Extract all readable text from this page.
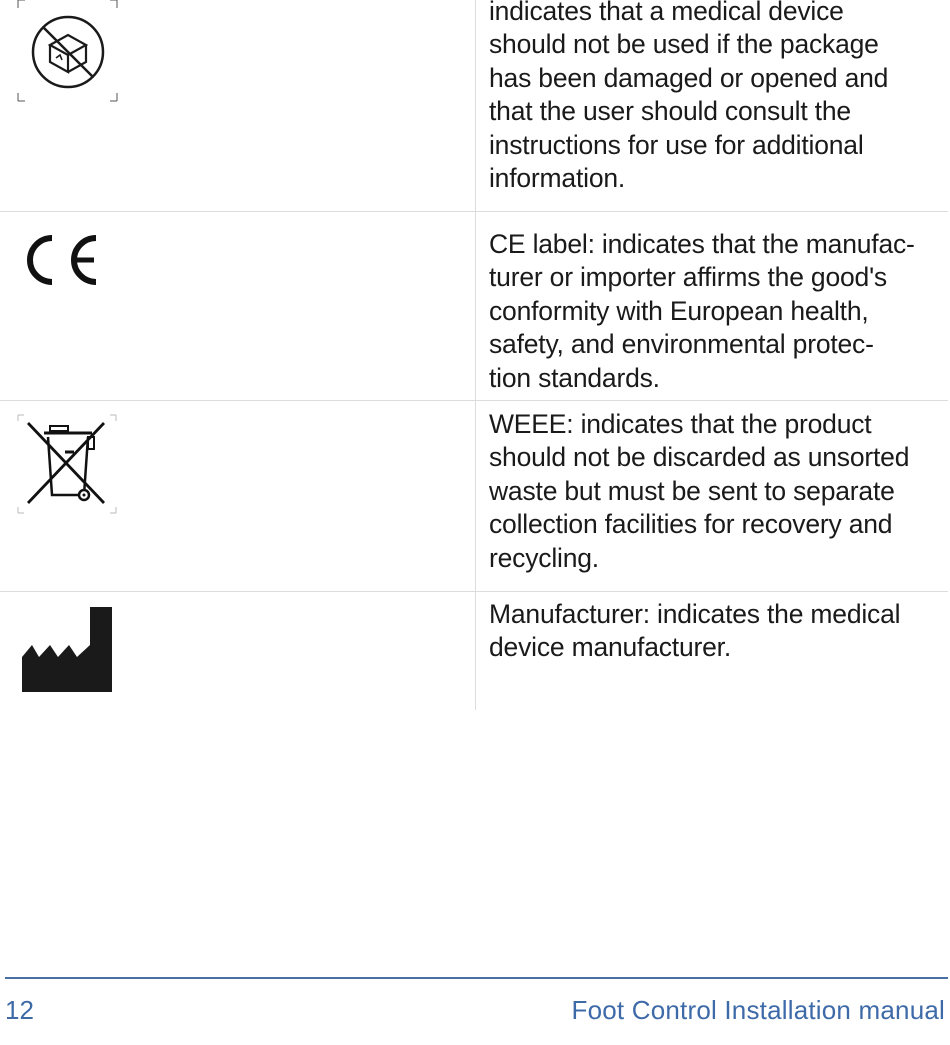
indicates that a medical device
should not be used if the package
has been damaged or opened and
that the user should consult the
instructions for use for additional
information.
CE label: indicates that the manufac-
turer or importer affirms the good's
conformity with European health,
safety, and environmental protec-
tion standards.
WEEE: indicates that the product
should not be discarded as unsorted
waste but must be sent to separate
collection facilities for recovery and
recycling.
Manufacturer: indicates the medical
device manufacturer.
12	Foot Control Installation manual
